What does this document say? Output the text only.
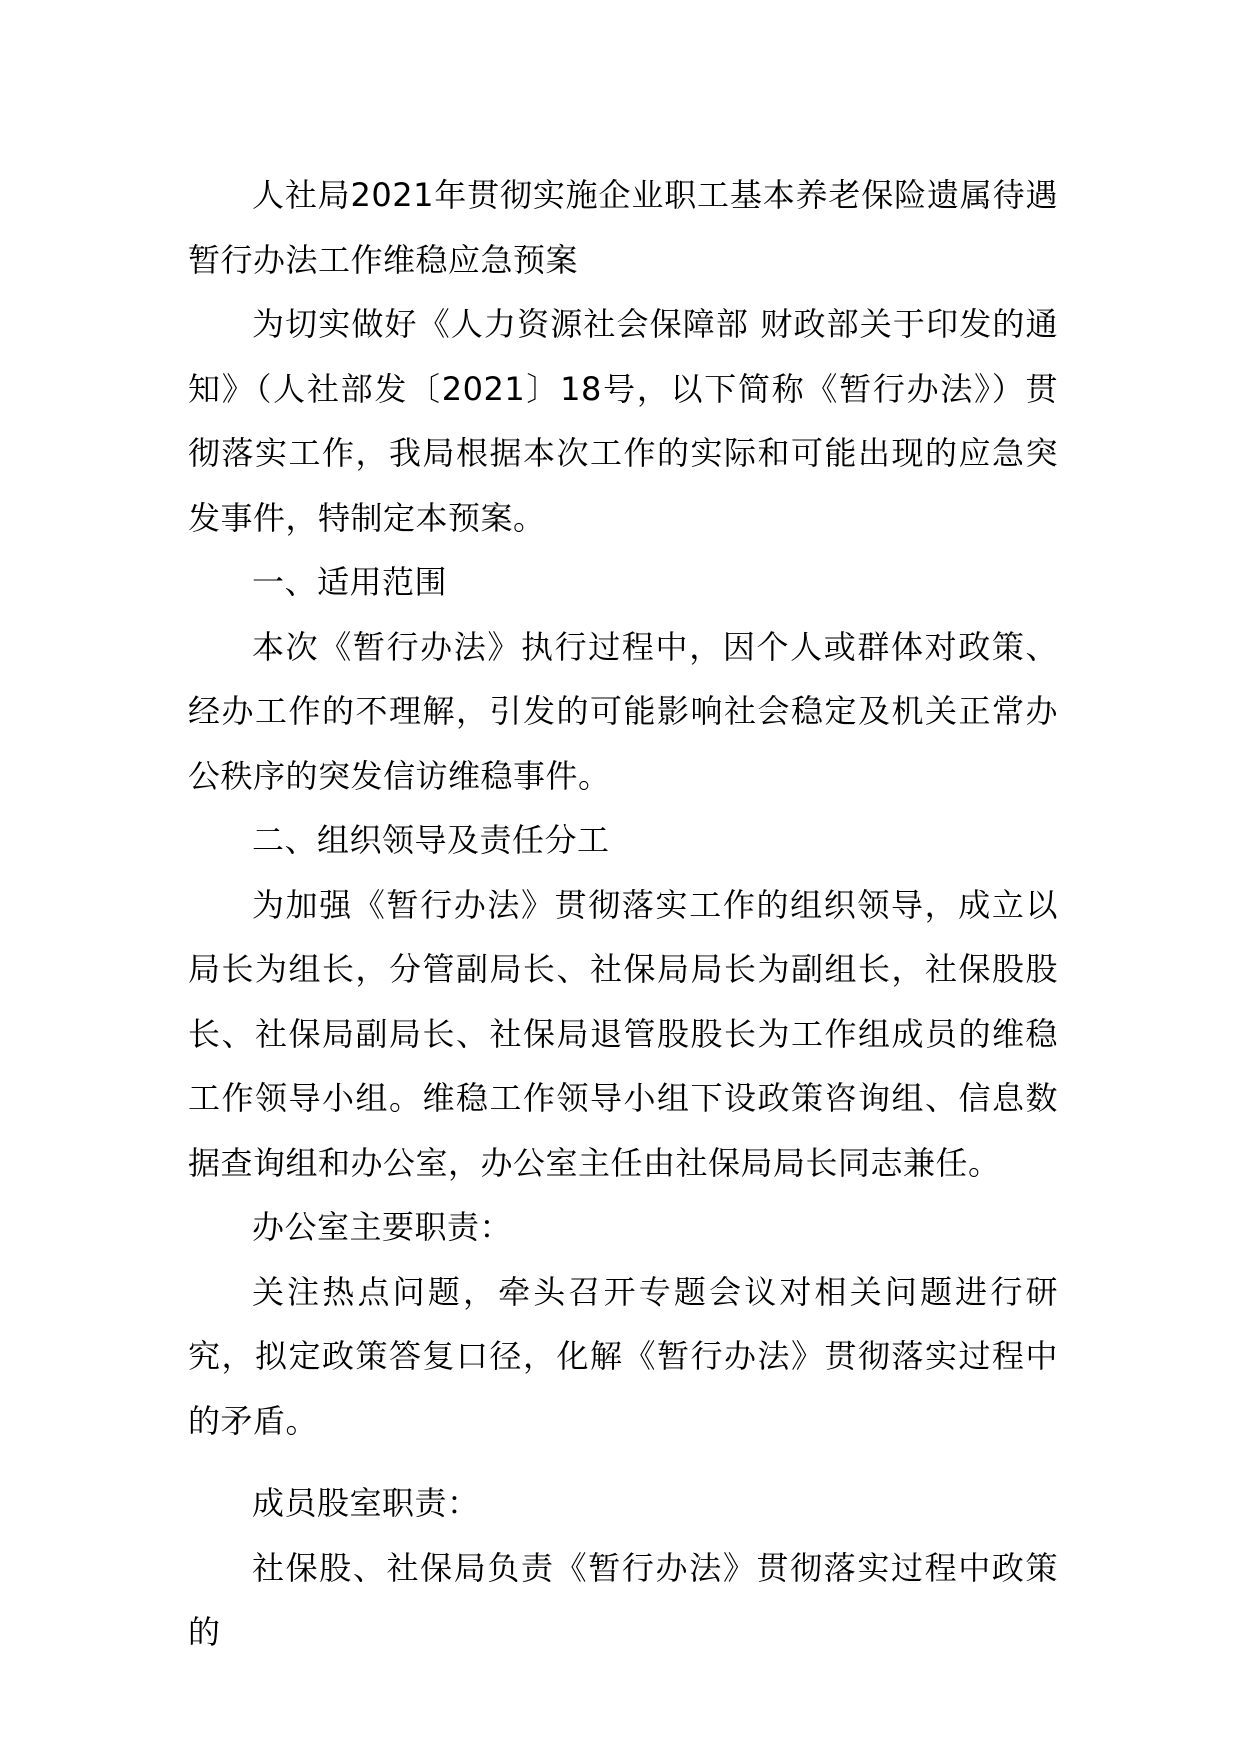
人社局2021年贯彻实施企业职工基本养老保险遗属待遇暂行办法工作维稳应急预案

为切实做好《人力资源社会保障部 财政部关于印发的通知》（人社部发〔2021〕18号，以下简称《暂行办法》）贯彻落实工作，我局根据本次工作的实际和可能出现的应急突发事件，特制定本预案。

一、适用范围

本次《暂行办法》执行过程中，因个人或群体对政策、经办工作的不理解，引发的可能影响社会稳定及机关正常办公秩序的突发信访维稳事件。

二、组织领导及责任分工

为加强《暂行办法》贯彻落实工作的组织领导，成立以局长为组长，分管副局长、社保局局长为副组长，社保股股长、社保局副局长、社保局退管股股长为工作组成员的维稳工作领导小组。维稳工作领导小组下设政策咨询组、信息数据查询组和办公室，办公室主任由社保局局长同志兼任。

办公室主要职责：

关注热点问题，牵头召开专题会议对相关问题进行研究，拟定政策答复口径，化解《暂行办法》贯彻落实过程中的矛盾。

成员股室职责：

社保股、社保局负责《暂行办法》贯彻落实过程中政策的
